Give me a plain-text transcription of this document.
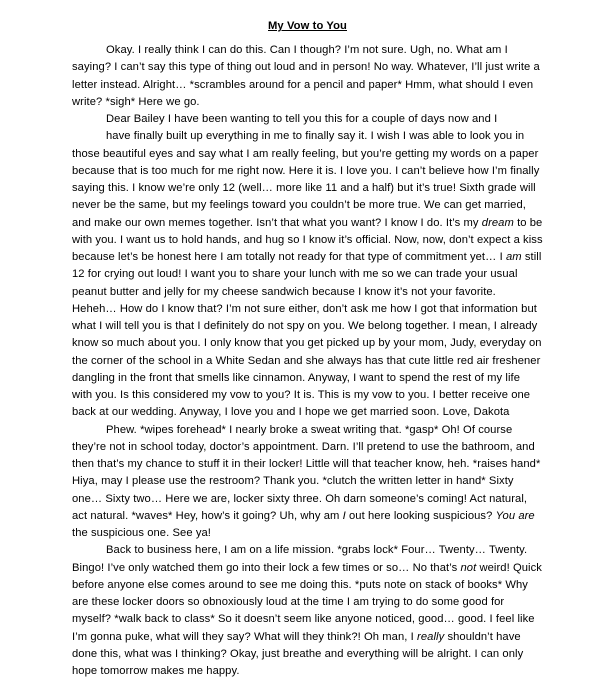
My Vow to You

Okay. I really think I can do this. Can I though? I’m not sure. Ugh, no. What am I saying? I can’t say this type of thing out loud and in person! No way. Whatever, I’ll just write a letter instead. Alright… *scrambles around for a pencil and paper* Hmm, what should I even write? *sigh* Here we go.

Dear Bailey I have been wanting to tell you this for a couple of days now and I

have finally built up everything in me to finally say it. I wish I was able to look you in

those beautiful eyes and say what I am really feeling, but you’re getting my words on a paper because that is too much for me right now. Here it is. I love you. I can’t believe how I’m finally saying this. I know we’re only 12 (well… more like 11 and a half) but it’s true! Sixth grade will never be the same, but my feelings toward you couldn’t be more true. We can get married, and make our own memes together. Isn’t that what you want? I know I do. It’s my dream to be with you. I want us to hold hands, and hug so I know it’s official. Now, now, don’t expect a kiss because let’s be honest here I am totally not ready for that type of commitment yet… I am still 12 for crying out loud! I want you to share your lunch with me so we can trade your usual peanut butter and jelly for my cheese sandwich because I know it’s not your favorite. Heheh… How do I know that? I’m not sure either, don’t ask me how I got that information but what I will tell you is that I definitely do not spy on you. We belong together. I mean, I already know so much about you. I only know that you get picked up by your mom, Judy, everyday on the corner of the school in a White Sedan and she always has that cute little red air freshener dangling in the front that smells like cinnamon. Anyway, I want to spend the rest of my life with you. Is this considered my vow to you? It is. This is my vow to you. I better receive one back at our wedding. Anyway, I love you and I hope we get married soon. Love, Dakota

Phew. *wipes forehead* I nearly broke a sweat writing that. *gasp* Oh! Of course they’re not in school today, doctor’s appointment. Darn. I’ll pretend to use the bathroom, and then that’s my chance to stuff it in their locker! Little will that teacher know, heh. *raises hand* Hiya, may I please use the restroom? Thank you. *clutch the written letter in hand* Sixty one… Sixty two… Here we are, locker sixty three. Oh darn someone’s coming! Act natural, act natural. *waves* Hey, how’s it going? Uh, why am I out here looking suspicious? You are the suspicious one. See ya!

Back to business here, I am on a life mission. *grabs lock* Four… Twenty… Twenty. Bingo! I’ve only watched them go into their lock a few times or so… No that’s not weird! Quick before anyone else comes around to see me doing this. *puts note on stack of books* Why are these locker doors so obnoxiously loud at the time I am trying to do some good for myself? *walk back to class* So it doesn’t seem like anyone noticed, good… good. I feel like I’m gonna puke, what will they say? What will they think?! Oh man, I really shouldn’t have done this, what was I thinking? Okay, just breathe and everything will be alright. I can only hope tomorrow makes me happy.
